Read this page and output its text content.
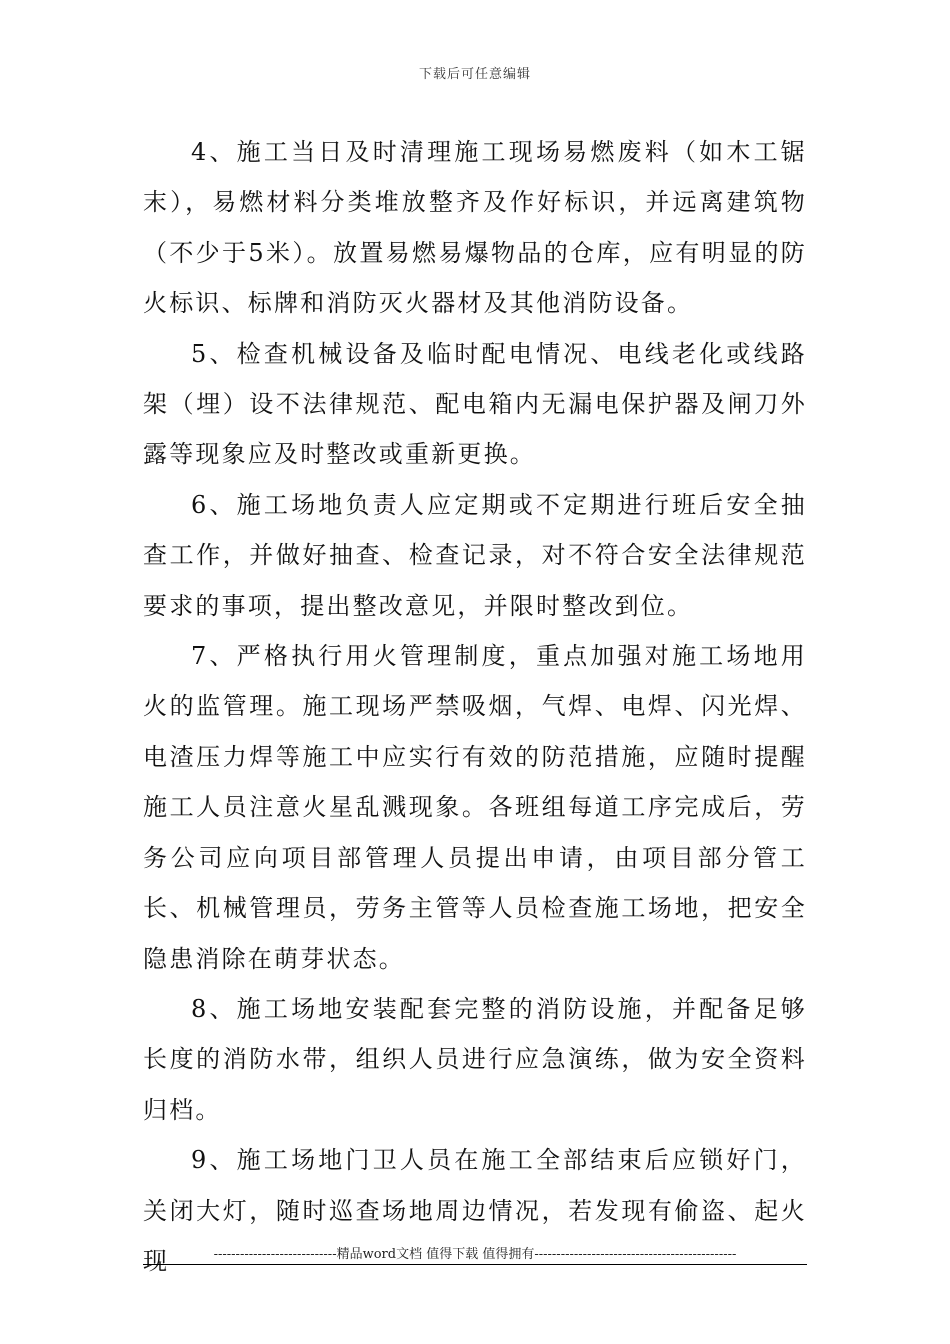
下载后可任意编辑

4、施工当日及时清理施工现场易燃废料（如木工锯末），易燃材料分类堆放整齐及作好标识，并远离建筑物（不少于5米）。放置易燃易爆物品的仓库，应有明显的防火标识、标牌和消防灭火器材及其他消防设备。

5、检查机械设备及临时配电情况、电线老化或线路架（埋）设不法律规范、配电箱内无漏电保护器及闸刀外露等现象应及时整改或重新更换。

6、施工场地负责人应定期或不定期进行班后安全抽查工作，并做好抽查、检查记录，对不符合安全法律规范要求的事项，提出整改意见，并限时整改到位。

7、严格执行用火管理制度，重点加强对施工场地用火的监管理。施工现场严禁吸烟，气焊、电焊、闪光焊、电渣压力焊等施工中应实行有效的防范措施，应随时提醒施工人员注意火星乱溅现象。各班组每道工序完成后，劳务公司应向项目部管理人员提出申请，由项目部分管工长、机械管理员，劳务主管等人员检查施工场地，把安全隐患消除在萌芽状态。

8、施工场地安装配套完整的消防设施，并配备足够长度的消防水带，组织人员进行应急演练，做为安全资料归档。

9、施工场地门卫人员在施工全部结束后应锁好门，关闭大灯，随时巡查场地周边情况，若发现有偷盗、起火现	----------------------------精品word文档 值得下载 值得拥有----------------------------------------------
